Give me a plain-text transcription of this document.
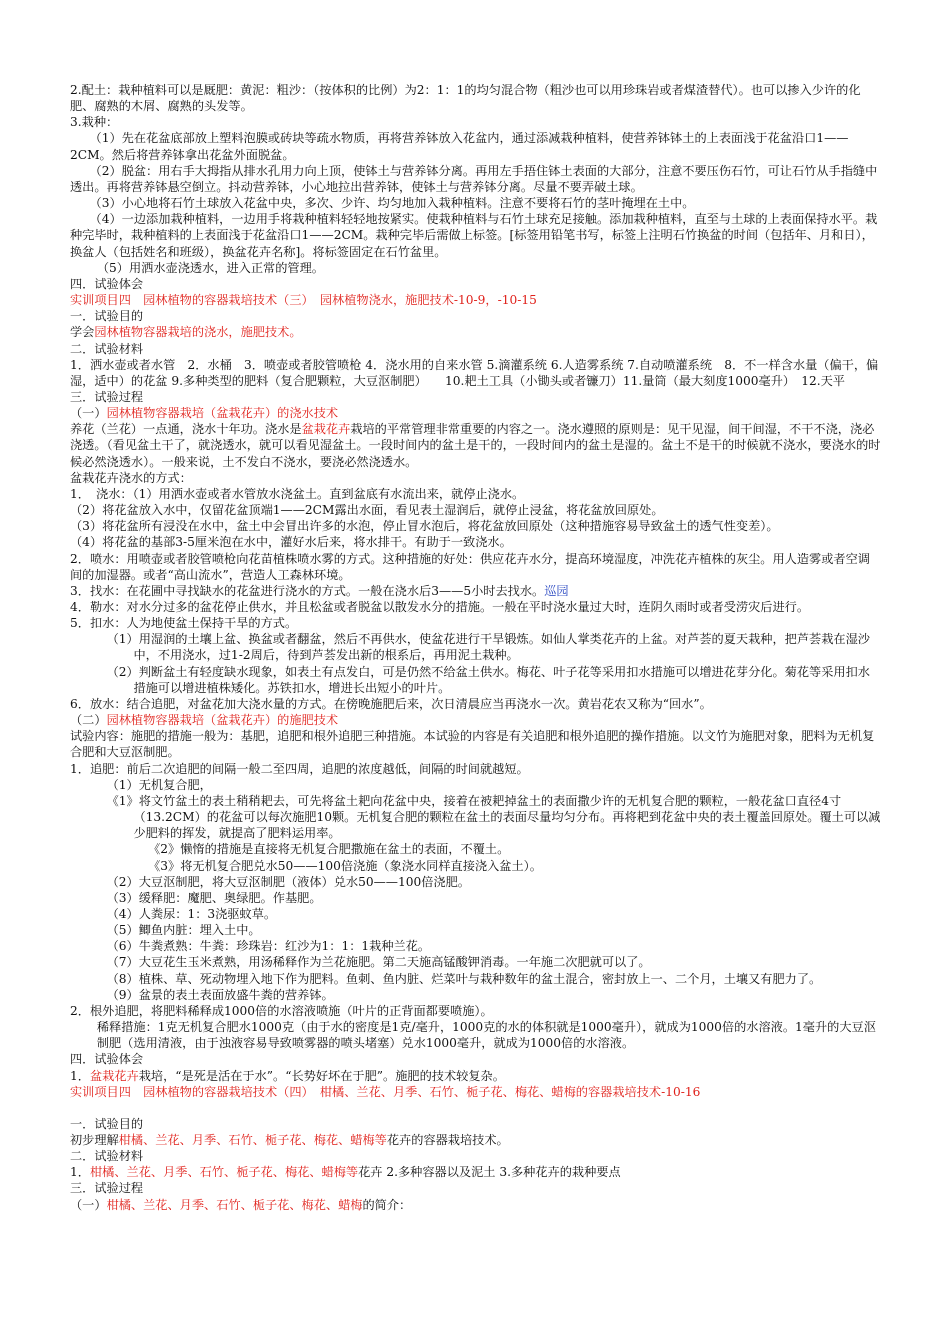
2.配土：栽种植料可以是厩肥：黄泥：粗沙：（按体积的比例）为2：1：1的均匀混合物（粗沙也可以用珍珠岩或者煤渣替代）。也可以掺入少许的化肥、腐熟的木屑、腐熟的头发等。

3.栽种：

（1）先在花盆底部放上塑料泡膜或砖块等疏水物质，再将营养钵放入花盆内，通过添减栽种植料，使营养钵钵土的上表面浅于花盆沿口1——2CM。然后将营养钵拿出花盆外面脱盆。

（2）脱盆：用右手大拇指从排水孔用力向上顶，使钵土与营养钵分离。再用左手捂住钵土表面的大部分，注意不要压伤石竹，可让石竹从手指缝中透出。再将营养钵悬空倒立。抖动营养钵，小心地拉出营养钵，使钵土与营养钵分离。尽量不要弄破土球。

（3）小心地将石竹土球放入花盆中央，多次、少许、均匀地加入栽种植料。注意不要将石竹的茎叶掩埋在土中。

（4）一边添加栽种植料，一边用手将栽种植料轻轻地按紧实。使栽种植料与石竹土球充足接触。添加栽种植料，直至与土球的上表面保持水平。栽种完毕时，栽种植料的上表面浅于花盆沿口1——2CM。栽种完毕后需做上标签。[标签用铅笔书写，标签上注明石竹换盆的时间（包括年、月和日），换盆人（包括姓名和班级），换盆花卉名称]。将标签固定在石竹盆里。

（5）用洒水壶浇透水，进入正常的管理。

四．试验体会

实训项目四　园林植物的容器栽培技术（三）　园林植物浇水，施肥技术-10-9，-10-15

一．试验目的

学会园林植物容器栽培的浇水，施肥技术。

二．试验材料

1．洒水壶或者水管　2．水桶　3．喷壶或者胶管喷枪 4．浇水用的自来水管 5.滴灌系统 6.人造雾系统 7.自动喷灌系统　8．不一样含水量（偏干，偏湿，适中）的花盆 9.多种类型的肥料（复合肥颗粒，大豆沤制肥）　　10.耙土工具（小锄头或者镰刀）11.量筒（最大刻度1000毫升）　12.天平

三．试验过程

（一）园林植物容器栽培（盆栽花卉）的浇水技术

养花（兰花）一点通，浇水十年功。浇水是盆栽花卉栽培的平常管理非常重要的内容之一。浇水遵照的原则是：见干见湿，间干间湿，不干不浇，浇必浇透。（看见盆土干了，就浇透水，就可以看见湿盆土。一段时间内的盆土是干的，一段时间内的盆土是湿的。盆土不是干的时候就不浇水，要浇水的时候必然浇透水）。一般来说，土不发白不浇水，要浇必然浇透水。

盆栽花卉浇水的方式：

1．　浇水：（1）用洒水壶或者水管放水浇盆土。直到盆底有水流出来，就停止浇水。

（2）将花盆放入水中，仅留花盆顶端1——2CM露出水面，看见表土湿润后，就停止浸盆，将花盆放回原处。

（3）将花盆所有浸没在水中，盆土中会冒出许多的水泡，停止冒水泡后，将花盆放回原处（这种措施容易导致盆土的透气性变差）。

（4）将花盆的基部3-5厘米泡在水中，灌好水后来，将水排干。有助于一致浇水。

2．喷水：用喷壶或者胶管喷枪向花苗植株喷水雾的方式。这种措施的好处：供应花卉水分，提高环境湿度，冲洗花卉植株的灰尘。用人造雾或者空调间的加湿器。或者“高山流水”，营造人工森林环境。

3．找水：在花圃中寻找缺水的花盆进行浇水的方式。一般在浇水后3——5小时去找水。巡园

4．勒水：对水分过多的盆花停止供水，并且松盆或者脱盆以散发水分的措施。一般在平时浇水量过大时，连阴久雨时或者受涝灾后进行。

5．扣水：人为地使盆土保持干旱的方式。

（1）用湿润的土壤上盆、换盆或者翻盆，然后不再供水，使盆花进行干旱锻炼。如仙人掌类花卉的上盆。对芦荟的夏天栽种，把芦荟栽在湿沙中，不用浇水，过1-2周后，待到芦荟发出新的根系后，再用泥土栽种。

（2）判断盆土有轻度缺水现象，如表土有点发白，可是仍然不给盆土供水。梅花、叶子花等采用扣水措施可以增进花芽分化。菊花等采用扣水措施可以增进植株矮化。苏铁扣水，增进长出短小的叶片。

6．放水：结合追肥，对盆花加大浇水量的方式。在傍晚施肥后来，次日清晨应当再浇水一次。黄岩花农又称为“回水”。

（二）园林植物容器栽培（盆栽花卉）的施肥技术

试验内容：施肥的措施一般为：基肥，追肥和根外追肥三种措施。本试验的内容是有关追肥和根外追肥的操作措施。以文竹为施肥对象，肥料为无机复合肥和大豆沤制肥。

1．追肥：前后二次追肥的间隔一般二至四周，追肥的浓度越低，间隔的时间就越短。

（1）无机复合肥，

《1》将文竹盆土的表土稍稍耙去，可先将盆土耙向花盆中央，接着在被耙掉盆土的表面撒少许的无机复合肥的颗粒，一般花盆口直径4寸（13.2CM）的花盆可以每次施肥10颗。无机复合肥的颗粒在盆土的表面尽量均匀分布。再将耙到花盆中央的表土覆盖回原处。覆土可以减少肥料的挥发，就提高了肥料运用率。

《2》懒惰的措施是直接将无机复合肥撒施在盆土的表面，不覆土。

《3》将无机复合肥兑水50——100倍浇施（象浇水同样直接浇入盆土）。

（2）大豆沤制肥，将大豆沤制肥（液体）兑水50——100倍浇肥。

（3）缓释肥：魔肥、奥绿肥。作基肥。

（4）人粪尿：1：3浇驱蚊草。

（5）鲫鱼内脏：埋入土中。

（6）牛粪煮熟：牛粪：珍珠岩：红沙为1：1：1栽种兰花。

（7）大豆花生玉米煮熟，用汤稀释作为兰花施肥。第二天施高锰酸钾消毒。一年施二次肥就可以了。

（8）植株、草、死动物埋入地下作为肥料。鱼刺、鱼内脏、烂菜叶与栽种数年的盆土混合，密封放上一、二个月，土壤又有肥力了。

（9）盆景的表土表面放盛牛粪的营养钵。

2．根外追肥，将肥料稀释成1000倍的水溶液喷施（叶片的正背面都要喷施）。

稀释措施：1克无机复合肥水1000克（由于水的密度是1克/毫升，1000克的水的体积就是1000毫升），就成为1000倍的水溶液。1毫升的大豆沤制肥（选用清液，由于浊液容易导致喷雾器的喷头堵塞）兑水1000毫升，就成为1000倍的水溶液。

四．试验体会

1．盆栽花卉栽培，“是死是活在于水”。“长势好坏在于肥”。施肥的技术较复杂。

实训项目四　园林植物的容器栽培技术（四）　柑橘、兰花、月季、石竹、栀子花、梅花、蜡梅的容器栽培技术-10-16

一．试验目的

初步理解柑橘、兰花、月季、石竹、栀子花、梅花、蜡梅等花卉的容器栽培技术。

二．试验材料

1．柑橘、兰花、月季、石竹、栀子花、梅花、蜡梅等花卉 2.多种容器以及泥土 3.多种花卉的栽种要点

三．试验过程

（一）柑橘、兰花、月季、石竹、栀子花、梅花、蜡梅的简介：
